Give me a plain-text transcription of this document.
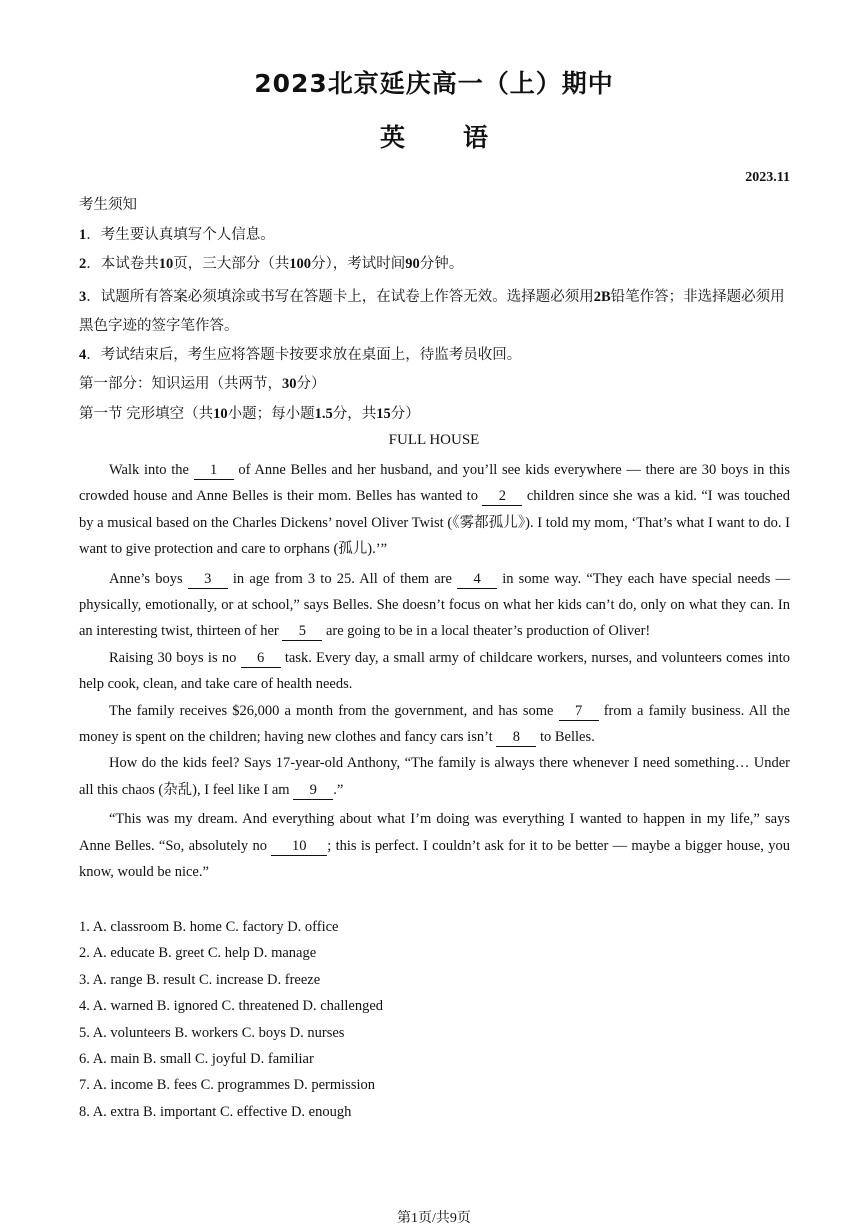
2023北京延庆高一（上）期中
英语
2023.11
考生须知
1．考生要认真填写个人信息。
2．本试卷共10页，三大部分（共100分），考试时间90分钟。
3．试题所有答案必须填涂或书写在答题卡上，在试卷上作答无效。选择题必须用2B铅笔作答；非选择题必须用黑色字迹的签字笔作答。
4．考试结束后，考生应将答题卡按要求放在桌面上，待监考员收回。
第一部分：知识运用（共两节，30分）
第一节 完形填空（共10小题；每小题1.5分，共15分）
FULL HOUSE

Walk into the 1 of Anne Belles and her husband, and you’ll see kids everywhere — there are 30 boys in this crowded house and Anne Belles is their mom. Belles has wanted to 2 children since she was a kid. “I was touched by a musical based on the Charles Dickens’ novel Oliver Twist (《雾都孤儿》). I told my mom, ‘That’s what I want to do. I want to give protection and care to orphans (孤儿).’”

Anne’s boys 3 in age from 3 to 25. All of them are 4 in some way. “They each have special needs — physically, emotionally, or at school,” says Belles. She doesn’t focus on what her kids can’t do, only on what they can. In an interesting twist, thirteen of her 5 are going to be in a local theater’s production of Oliver!

Raising 30 boys is no 6 task. Every day, a small army of childcare workers, nurses, and volunteers comes into help cook, clean, and take care of health needs.

The family receives $26,000 a month from the government, and has some 7 from a family business. All the money is spent on the children; having new clothes and fancy cars isn’t 8 to Belles.

How do the kids feel? Says 17-year-old Anthony, “The family is always there whenever I need something… Under all this chaos (杂乱), I feel like I am 9 .”

“This was my dream. And everything about what I’m doing was everything I wanted to happen in my life,” says Anne Belles. “So, absolutely no 10 ; this is perfect. I couldn’t ask for it to be better — maybe a bigger house, you know, would be nice.”

1. A. classroom B. home C. factory D. office
2. A. educate B. greet C. help D. manage
3. A. range B. result C. increase D. freeze
4. A. warned B. ignored C. threatened D. challenged
5. A. volunteers B. workers C. boys D. nurses
6. A. main B. small C. joyful D. familiar
7. A. income B. fees C. programmes D. permission
8. A. extra B. important C. effective D. enough
第1页/共9页
